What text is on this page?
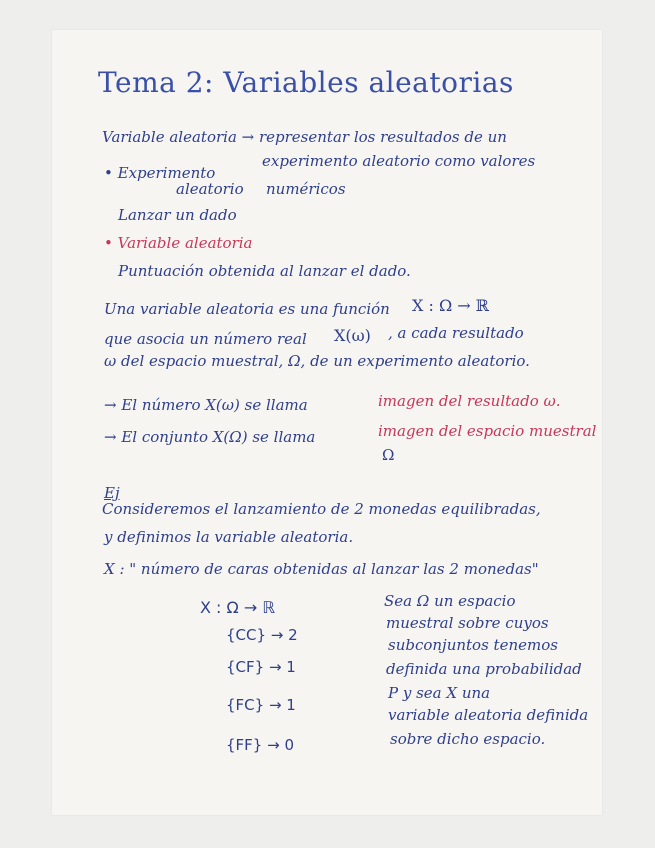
Tema 2: Variables aleatorias
Variable aleatoria → representar los resultados de un
experimento aleatorio como valores
• Experimento
aleatorio numéricos
Lanzar un dado
• Variable aleatoria
Puntuación obtenida al lanzar el dado.
Una variable aleatoria es una función X : Ω → ℝ
que asocia un número real X(ω) , a cada resultado
ω del espacio muestral, Ω, de un experimento aleatorio.
→ El número X(ω) se llama	imagen del resultado ω.
→ El conjunto X(Ω) se llama	imagen del espacio muestral
Ω
Ej
Consideremos el lanzamiento de 2 monedas equilibradas,
y definimos la variable aleatoria.
X : " número de caras obtenidas al lanzar las 2 monedas"
X : Ω → ℝ
{CC} → 2
{CF} → 1
{FC} → 1
{FF} → 0
Sea Ω un espacio
muestral sobre cuyos
subconjuntos tenemos
definida una probabilidad
P y sea X una
variable aleatoria definida
sobre dicho espacio.
